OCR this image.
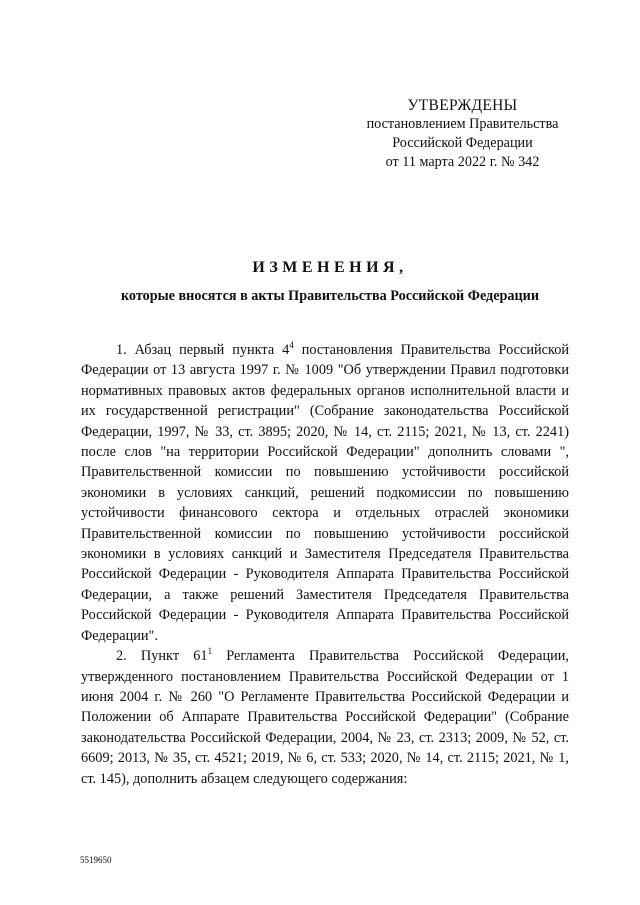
УТВЕРЖДЕНЫ
постановлением Правительства
Российской Федерации
от 11 марта 2022 г. № 342
ИЗМЕНЕНИЯ,
которые вносятся в акты Правительства Российской Федерации

1. Абзац первый пункта $4^4$ постановления Правительства Российской Федерации от 13 августа 1997 г. № 1009 "Об утверждении Правил подготовки нормативных правовых актов федеральных органов исполнительной власти и их государственной регистрации" (Собрание законодательства Российской Федерации, 1997, № 33, ст. 3895; 2020, № 14, ст. 2115; 2021, № 13, ст. 2241) после слов "на территории Российской Федерации" дополнить словами ", Правительственной комиссии по повышению устойчивости российской экономики в условиях санкций, решений подкомиссии по повышению устойчивости финансового сектора и отдельных отраслей экономики Правительственной комиссии по повышению устойчивости российской экономики в условиях санкций и Заместителя Председателя Правительства Российской Федерации - Руководителя Аппарата Правительства Российской Федерации, а также решений Заместителя Председателя Правительства Российской Федерации - Руководителя Аппарата Правительства Российской Федерации".

2. Пункт $61^1$ Регламента Правительства Российской Федерации, утвержденного постановлением Правительства Российской Федерации от 1 июня 2004 г. № 260 "О Регламенте Правительства Российской Федерации и Положении об Аппарате Правительства Российской Федерации" (Собрание законодательства Российской Федерации, 2004, № 23, ст. 2313; 2009, № 52, ст. 6609; 2013, № 35, ст. 4521; 2019, № 6, ст. 533; 2020, № 14, ст. 2115; 2021, № 1, ст. 145), дополнить абзацем следующего содержания:

5519650
